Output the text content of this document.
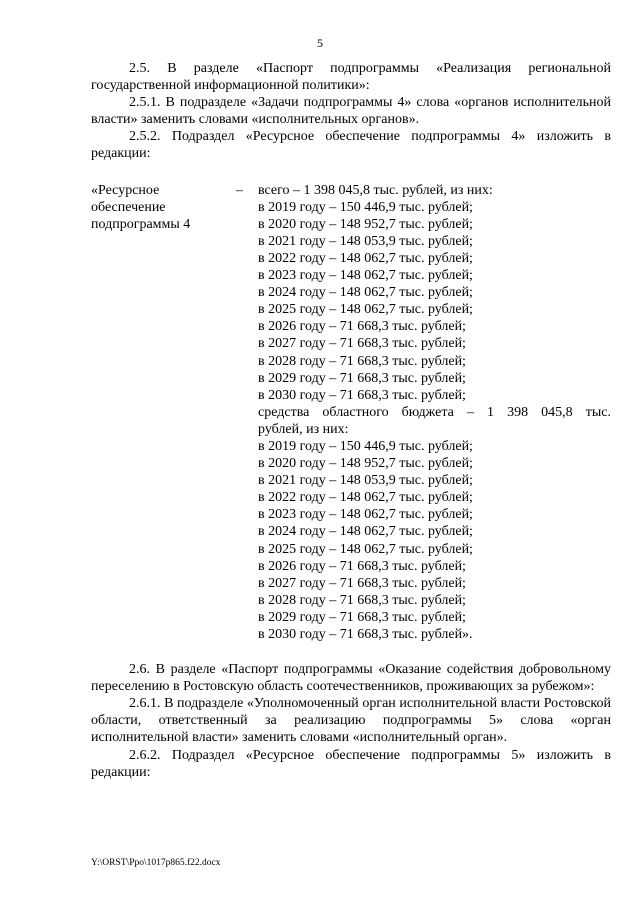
5

2.5. В разделе «Паспорт подпрограммы «Реализация региональной государственной информационной политики»:

2.5.1. В подразделе «Задачи подпрограммы 4» слова «органов исполнительной власти» заменить словами «исполнительных органов».

2.5.2. Подраздел «Ресурсное обеспечение подпрограммы 4» изложить в редакции:

«Ресурсное
обеспечение
подпрограммы 4
–	всего – 1 398 045,8 тыс. рублей, из них:
в 2019 году – 150 446,9 тыс. рублей;
в 2020 году – 148 952,7 тыс. рублей;
в 2021 году – 148 053,9 тыс. рублей;
в 2022 году – 148 062,7 тыс. рублей;
в 2023 году – 148 062,7 тыс. рублей;
в 2024 году – 148 062,7 тыс. рублей;
в 2025 году – 148 062,7 тыс. рублей;
в 2026 году – 71 668,3 тыс. рублей;
в 2027 году – 71 668,3 тыс. рублей;
в 2028 году – 71 668,3 тыс. рублей;
в 2029 году – 71 668,3 тыс. рублей;
в 2030 году – 71 668,3 тыс. рублей;
средства областного бюджета – 1 398 045,8 тыс.
рублей, из них:
в 2019 году – 150 446,9 тыс. рублей;
в 2020 году – 148 952,7 тыс. рублей;
в 2021 году – 148 053,9 тыс. рублей;
в 2022 году – 148 062,7 тыс. рублей;
в 2023 году – 148 062,7 тыс. рублей;
в 2024 году – 148 062,7 тыс. рублей;
в 2025 году – 148 062,7 тыс. рублей;
в 2026 году – 71 668,3 тыс. рублей;
в 2027 году – 71 668,3 тыс. рублей;
в 2028 году – 71 668,3 тыс. рублей;
в 2029 году – 71 668,3 тыс. рублей;
в 2030 году – 71 668,3 тыс. рублей».

2.6. В разделе «Паспорт подпрограммы «Оказание содействия добровольному переселению в Ростовскую область соотечественников, проживающих за рубежом»:

2.6.1. В подразделе «Уполномоченный орган исполнительной власти Ростовской области, ответственный за реализацию подпрограммы 5» слова «орган исполнительной власти» заменить словами «исполнительный орган».

2.6.2. Подраздел «Ресурсное обеспечение подпрограммы 5» изложить в редакции:

Y:\ORST\Ppo\1017p865.f22.docx
